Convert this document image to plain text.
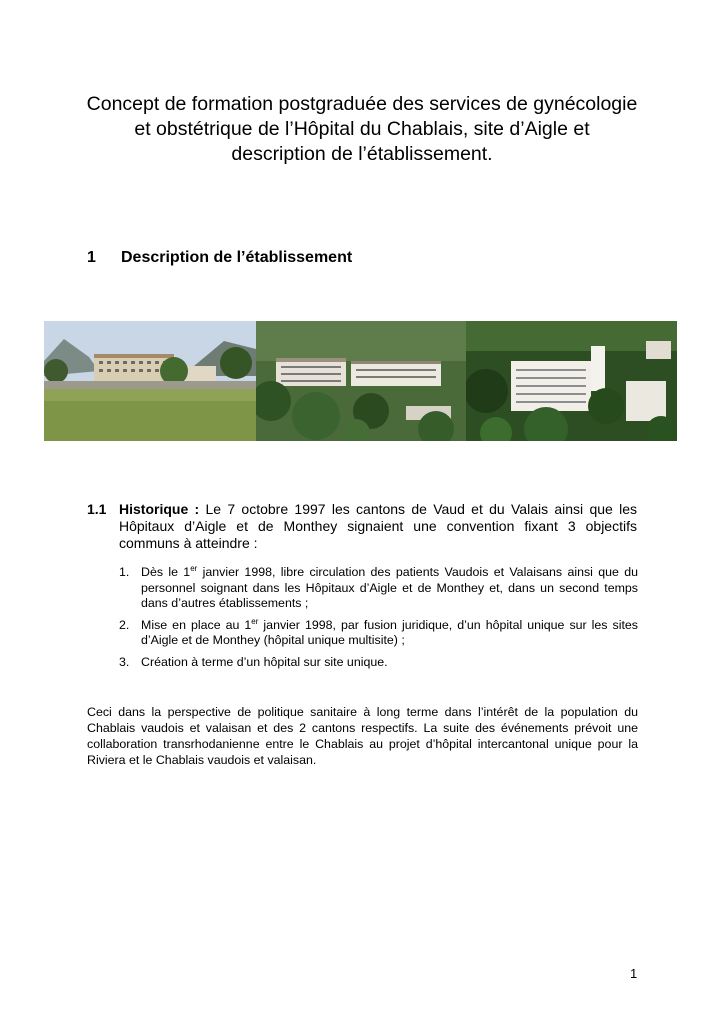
Concept de formation postgraduée des services de gynécologie
et obstétrique de l’Hôpital du Chablais, site d’Aigle et
description de l’établissement.
1 Description de l’établissement
1.1 Historique : Le 7 octobre 1997 les cantons de Vaud et du Valais ainsi que les
Hôpitaux d’Aigle et de Monthey signaient une convention fixant 3 objectifs communs à atteindre :
1. Dès le 1er janvier 1998, libre circulation des patients Vaudois et Valaisans ainsi que du personnel soignant dans les Hôpitaux d’Aigle et de Monthey et, dans un second temps dans d’autres établissements ;
2. Mise en place au 1er janvier 1998, par fusion juridique, d’un hôpital unique sur les sites d’Aigle et de Monthey (hôpital unique multisite) ;
3. Création à terme d’un hôpital sur site unique.
Ceci dans la perspective de politique sanitaire à long terme dans l’intérêt de la population du Chablais vaudois et valaisan et des 2 cantons respectifs. La suite des événements prévoit une collaboration transrhodanienne entre le Chablais au projet d’hôpital intercantonal unique pour la Riviera et le Chablais vaudois et valaisan.
1
